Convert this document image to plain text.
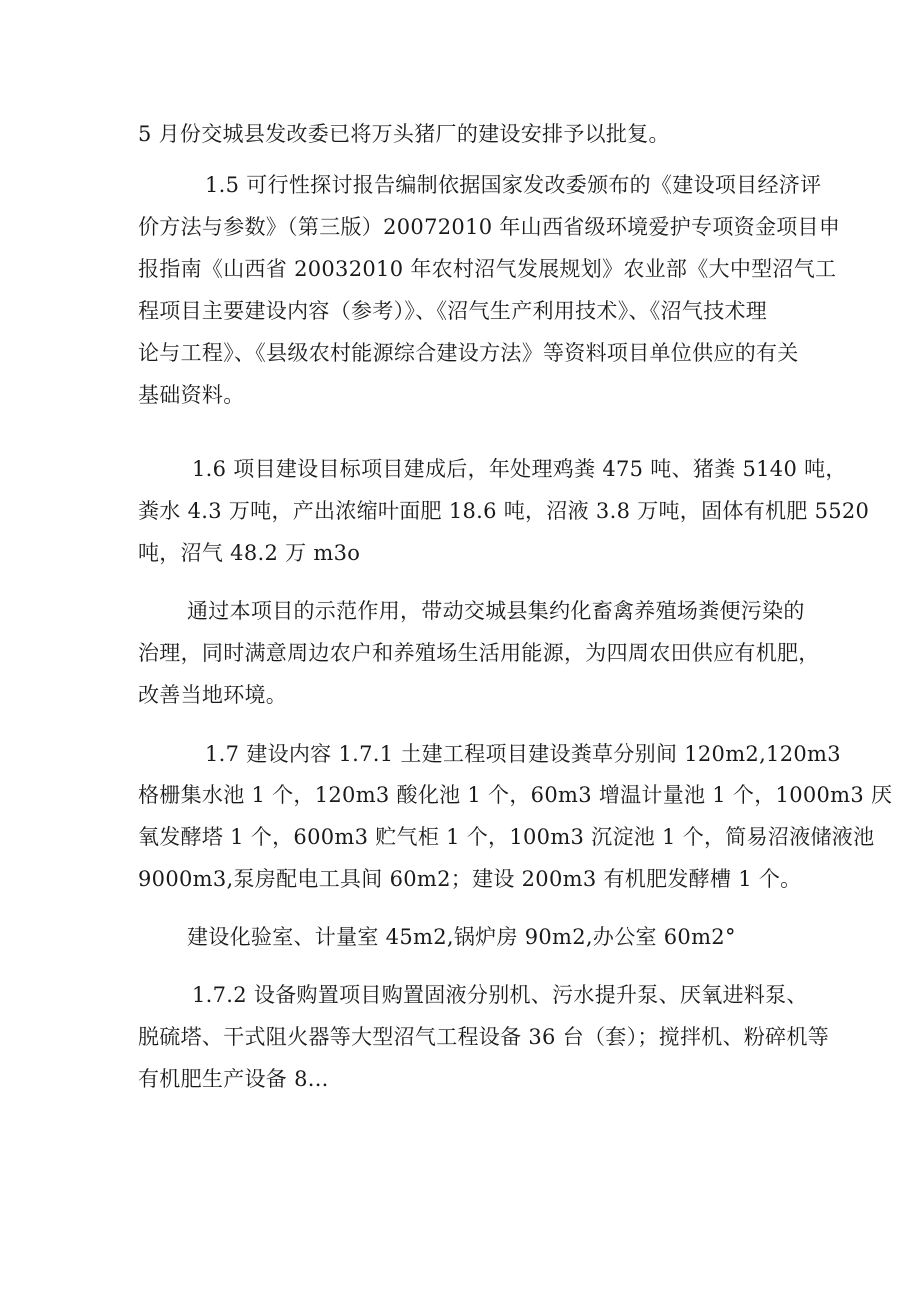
5 月份交城县发改委已将万头猪厂的建设安排予以批复。
1.5 可行性探讨报告编制依据国家发改委颁布的《建设项目经济评
价方法与参数》（第三版）20072010 年山西省级环境爱护专项资金项目申
报指南《山西省 20032010 年农村沼气发展规划》农业部《大中型沼气工
程项目主要建设内容（参考）》、《沼气生产利用技术》、《沼气技术理
论与工程》、《县级农村能源综合建设方法》等资料项目单位供应的有关
基础资料。
1.6 项目建设目标项目建成后，年处理鸡粪 475 吨、猪粪 5140 吨，
粪水 4.3 万吨，产出浓缩叶面肥 18.6 吨，沼液 3.8 万吨，固体有机肥 5520
吨，沼气 48.2 万 m3o
通过本项目的示范作用，带动交城县集约化畜禽养殖场粪便污染的
治理，同时满意周边农户和养殖场生活用能源，为四周农田供应有机肥，
改善当地环境。
1.7 建设内容 1.7.1 土建工程项目建设粪草分别间 120m2,120m3
格栅集水池 1 个，120m3 酸化池 1 个，60m3 增温计量池 1 个，1000m3 厌
氧发酵塔 1 个，600m3 贮气柜 1 个，100m3 沉淀池 1 个，简易沼液储液池
9000m3,泵房配电工具间 60m2；建设 200m3 有机肥发酵槽 1 个。
建设化验室、计量室 45m2,锅炉房 90m2,办公室 60m2°
1.7.2 设备购置项目购置固液分别机、污水提升泵、厌氧进料泵、
脱硫塔、干式阻火器等大型沼气工程设备 36 台（套）；搅拌机、粉碎机等
有机肥生产设备 8...
